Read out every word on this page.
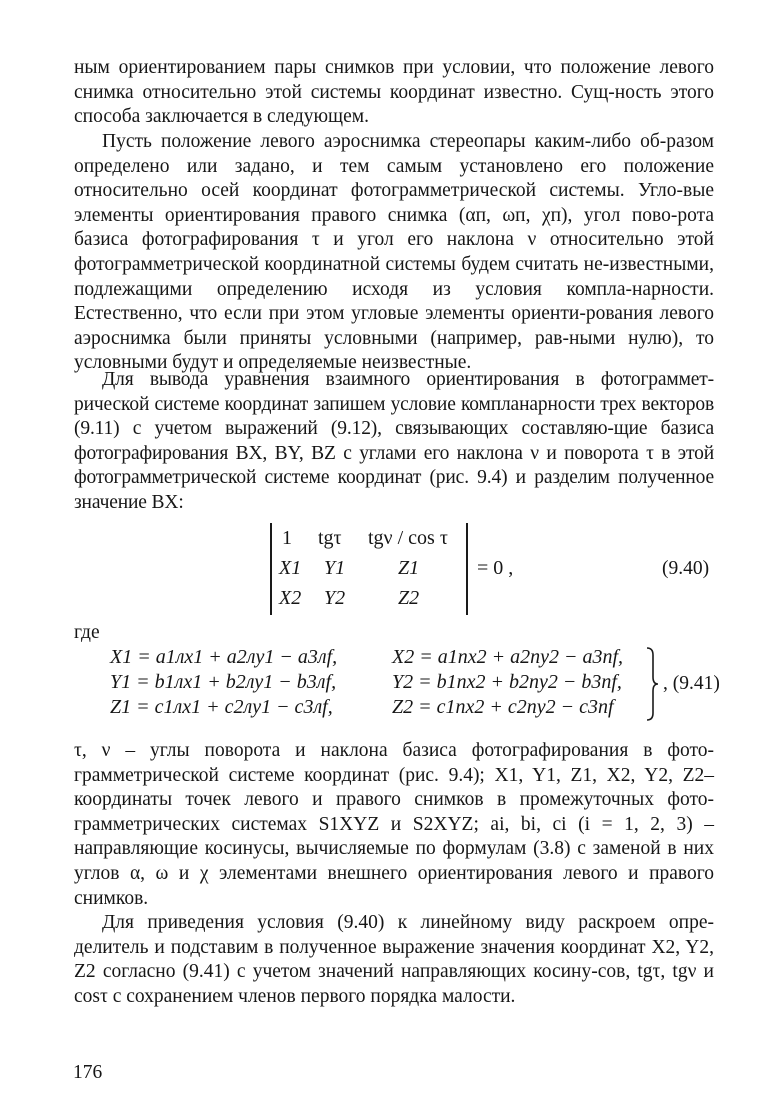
ным ориентированием пары снимков при условии, что положение левого снимка относительно этой системы координат известно. Сущ-ность этого способа заключается в следующем.

Пусть положение левого аэроснимка стереопары каким-либо об-разом определено или задано, и тем самым установлено его положение относительно осей координат фотограмметрической системы. Угло-вые элементы ориентирования правого снимка (αп, ωп, χп), угол пово-рота базиса фотографирования τ и угол его наклона ν относительно этой фотограмметрической координатной системы будем считать не-известными, подлежащими определению исходя из условия компла-нарности. Естественно, что если при этом угловые элементы ориенти-рования левого аэроснимка были приняты условными (например, рав-ными нулю), то условными будут и определяемые неизвестные.

Для вывода уравнения взаимного ориентирования в фотограммет-рической системе координат запишем условие компланарности трех векторов (9.11) с учетом выражений (9.12), связывающих составляю-щие базиса фотографирования BX, BY, BZ с углами его наклона ν и поворота τ в этой фотограмметрической системе координат (рис. 9.4) и разделим полученное значение BX:

1 tgτ tgν / cos τ
X1 Y1	Z1
X2 Y2	Z2
= 0 ,	(9.40)
где
X1 = a1лx1 + a2лy1 − a3лf,	X2 = a1пx2 + a2пy2 − a3пf,
Y1 = b1лx1 + b2лy1 − b3лf,	Y2 = b1пx2 + b2пy2 − b3пf,
Z1 = c1лx1 + c2лy1 − c3лf,	Z2 = c1пx2 + c2пy2 − c3пf
, (9.41)

τ, ν – углы поворота и наклона базиса фотографирования в фото-грамметрической системе координат (рис. 9.4); X1, Y1, Z1, X2, Y2, Z2– координаты точек левого и правого снимков в промежуточных фото-грамметрических системах S1XYZ и S2XYZ; ai, bi, ci (i = 1, 2, 3) – направляющие косинусы, вычисляемые по формулам (3.8) с заменой в них углов α, ω и χ элементами внешнего ориентирования левого и правого снимков.

Для приведения условия (9.40) к линейному виду раскроем опре-делитель и подставим в полученное выражение значения координат X2, Y2, Z2 согласно (9.41) с учетом значений направляющих косину-сов, tgτ, tgν и cosτ с сохранением членов первого порядка малости.

176
